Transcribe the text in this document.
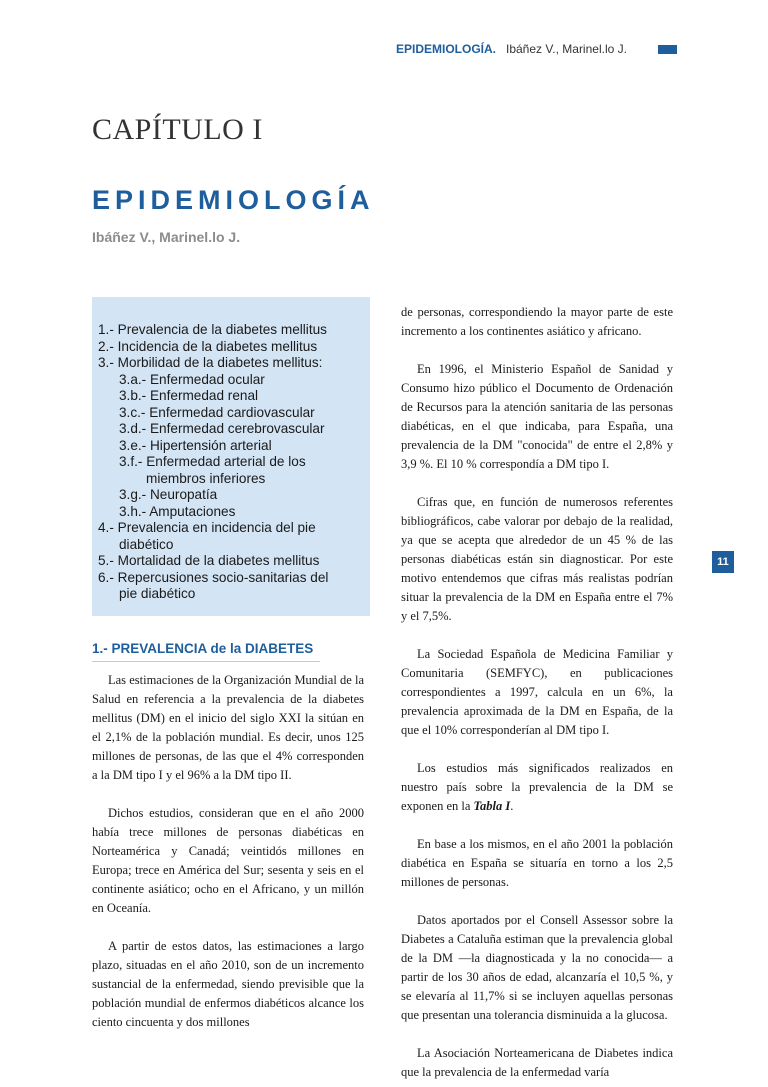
EPIDEMIOLOGÍA. Ibáñez V., Marinel.lo J.
CAPÍTULO I
EPIDEMIOLOGÍA
Ibáñez V., Marinel.lo J.
1.- Prevalencia de la diabetes mellitus
2.- Incidencia de la diabetes mellitus
3.- Morbilidad de la diabetes mellitus:
3.a.- Enfermedad ocular
3.b.- Enfermedad renal
3.c.- Enfermedad cardiovascular
3.d.- Enfermedad cerebrovascular
3.e.- Hipertensión arterial
3.f.- Enfermedad arterial de los
miembros inferiores
3.g.- Neuropatía
3.h.- Amputaciones
4.- Prevalencia en incidencia del pie
diabético
5.- Mortalidad de la diabetes mellitus
6.- Repercusiones socio-sanitarias del
pie diabético
1.- PREVALENCIA de la DIABETES

Las estimaciones de la Organización Mundial de la Salud en referencia a la prevalencia de la diabetes mellitus (DM) en el inicio del siglo XXI la sitúan en el 2,1% de la población mundial. Es decir, unos 125 millones de personas, de las que el 4% corresponden a la DM tipo I y el 96% a la DM tipo II.

Dichos estudios, consideran que en el año 2000 había trece millones de personas diabéticas en Norteamérica y Canadá; veintidós millones en Europa; trece en América del Sur; sesenta y seis en el continente asiático; ocho en el Africano, y un millón en Oceanía.

A partir de estos datos, las estimaciones a largo plazo, situadas en el año 2010, son de un incremento sustancial de la enfermedad, siendo previsible que la población mundial de enfermos diabéticos alcance los ciento cincuenta y dos millones

de personas, correspondiendo la mayor parte de este incremento a los continentes asiático y africano.

En 1996, el Ministerio Español de Sanidad y Consumo hizo público el Documento de Ordenación de Recursos para la atención sanitaria de las personas diabéticas, en el que indicaba, para España, una prevalencia de la DM "conocida" de entre el 2,8% y 3,9 %. El 10 % correspondía a DM tipo I.

Cifras que, en función de numerosos referentes bibliográficos, cabe valorar por debajo de la realidad, ya que se acepta que alrededor de un 45 % de las personas diabéticas están sin diagnosticar. Por este motivo entendemos que cifras más realistas podrían situar la prevalencia de la DM en España entre el 7% y el 7,5%.

La Sociedad Española de Medicina Familiar y Comunitaria (SEMFYC), en publicaciones correspondientes a 1997, calcula en un 6%, la prevalencia aproximada de la DM en España, de la que el 10% corresponderían al DM tipo I.

Los estudios más significados realizados en nuestro país sobre la prevalencia de la DM se exponen en la Tabla I.

En base a los mismos, en el año 2001 la población diabética en España se situaría en torno a los 2,5 millones de personas.

Datos aportados por el Consell Assessor sobre la Diabetes a Cataluña estiman que la prevalencia global de la DM —la diagnosticada y la no conocida— a partir de los 30 años de edad, alcanzaría el 10,5 %, y se elevaría al 11,7% si se incluyen aquellas personas que presentan una tolerancia disminuida a la glucosa.

La Asociación Norteamericana de Diabetes indica que la prevalencia de la enfermedad varía

11
